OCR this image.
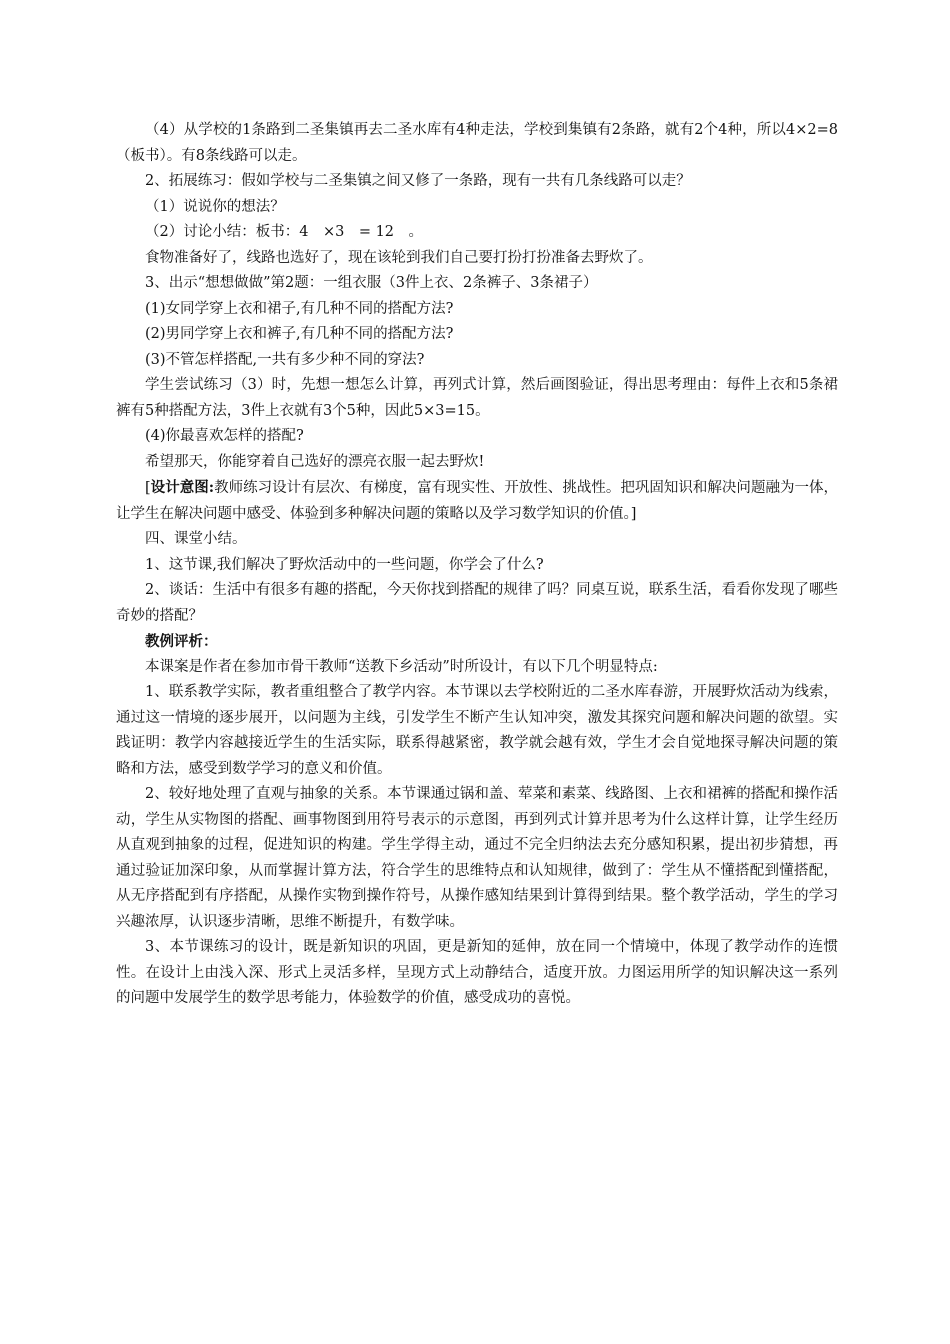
（4）从学校的1条路到二圣集镇再去二圣水库有4种走法，学校到集镇有2条路，就有2个4种，所以4×2=8（板书）。有8条线路可以走。

2、拓展练习：假如学校与二圣集镇之间又修了一条路，现有一共有几条线路可以走？

（1）说说你的想法？

（2）讨论小结：板书：4　×3　= 12　。

食物准备好了，线路也选好了，现在该轮到我们自己要打扮打扮准备去野炊了。

3、出示“想想做做”第2题：一组衣服（3件上衣、2条裤子、3条裙子）

(1)女同学穿上衣和裙子,有几种不同的搭配方法?

(2)男同学穿上衣和裤子,有几种不同的搭配方法?

(3)不管怎样搭配,一共有多少种不同的穿法?

学生尝试练习（3）时，先想一想怎么计算，再列式计算，然后画图验证，得出思考理由：每件上衣和5条裙裤有5种搭配方法，3件上衣就有3个5种，因此5×3=15。

(4)你最喜欢怎样的搭配?

希望那天，你能穿着自己选好的漂亮衣服一起去野炊!

[设计意图:教师练习设计有层次、有梯度，富有现实性、开放性、挑战性。把巩固知识和解决问题融为一体，让学生在解决问题中感受、体验到多种解决问题的策略以及学习数学知识的价值。]

四、课堂小结。

1、这节课,我们解决了野炊活动中的一些问题，你学会了什么?

2、谈话：生活中有很多有趣的搭配，今天你找到搭配的规律了吗？同桌互说，联系生活，看看你发现了哪些奇妙的搭配？

教例评析：

本课案是作者在参加市骨干教师“送教下乡活动”时所设计，有以下几个明显特点:

1、联系教学实际，教者重组整合了教学内容。本节课以去学校附近的二圣水库春游，开展野炊活动为线索，通过这一情境的逐步展开，以问题为主线，引发学生不断产生认知冲突，激发其探究问题和解决问题的欲望。实践证明：教学内容越接近学生的生活实际，联系得越紧密，教学就会越有效，学生才会自觉地探寻解决问题的策略和方法，感受到数学学习的意义和价值。

2、较好地处理了直观与抽象的关系。本节课通过锅和盖、荤菜和素菜、线路图、上衣和裙裤的搭配和操作活动，学生从实物图的搭配、画事物图到用符号表示的示意图，再到列式计算并思考为什么这样计算，让学生经历从直观到抽象的过程，促进知识的构建。学生学得主动，通过不完全归纳法去充分感知积累，提出初步猜想，再通过验证加深印象，从而掌握计算方法，符合学生的思维特点和认知规律，做到了：学生从不懂搭配到懂搭配，从无序搭配到有序搭配，从操作实物到操作符号，从操作感知结果到计算得到结果。整个教学活动，学生的学习兴趣浓厚，认识逐步清晰，思维不断提升，有数学味。

3、本节课练习的设计，既是新知识的巩固，更是新知的延伸，放在同一个情境中，体现了教学动作的连惯性。在设计上由浅入深、形式上灵活多样，呈现方式上动静结合，适度开放。力图运用所学的知识解决这一系列的问题中发展学生的数学思考能力，体验数学的价值，感受成功的喜悦。
